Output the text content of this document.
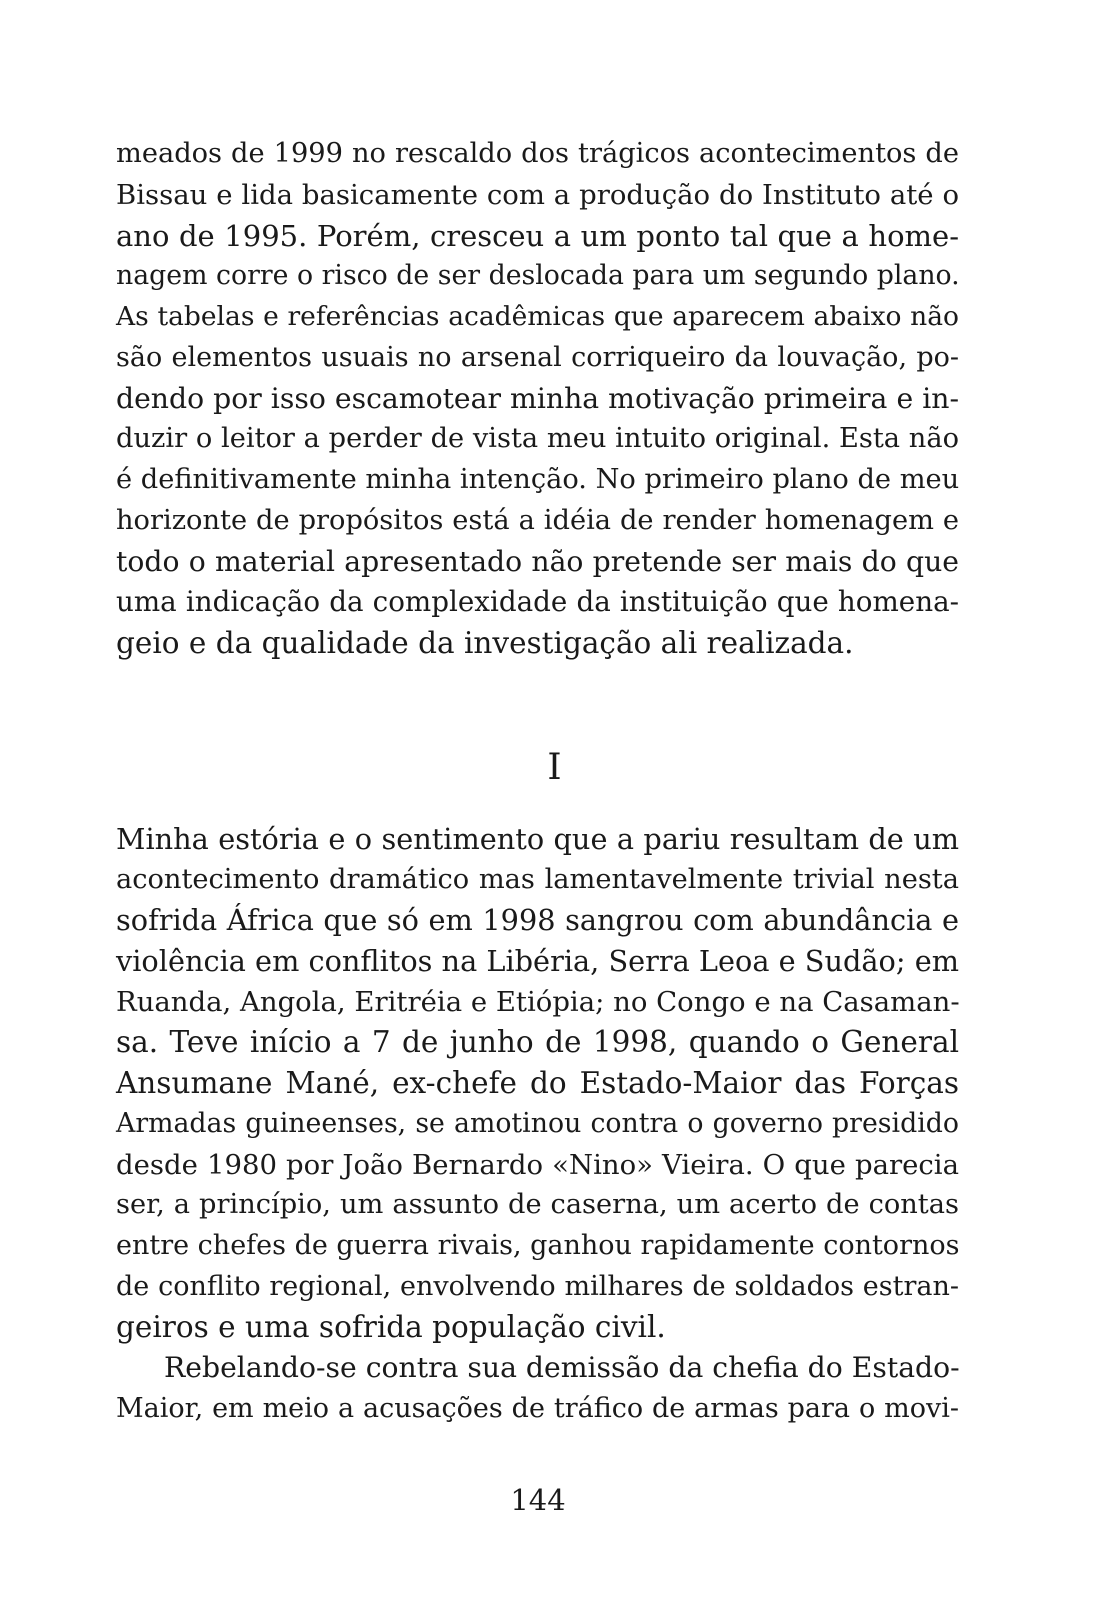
meados de 1999 no rescaldo dos trágicos acontecimentos de
Bissau e lida basicamente com a produção do Instituto até o
ano de 1995. Porém, cresceu a um ponto tal que a home-
nagem corre o risco de ser deslocada para um segundo plano.
As tabelas e referências acadêmicas que aparecem abaixo não
são elementos usuais no arsenal corriqueiro da louvação, po-
dendo por isso escamotear minha motivação primeira e in-
duzir o leitor a perder de vista meu intuito original. Esta não
é definitivamente minha intenção. No primeiro plano de meu
horizonte de propósitos está a idéia de render homenagem e
todo o material apresentado não pretende ser mais do que
uma indicação da complexidade da instituição que homena-
geio e da qualidade da investigação ali realizada.
I
Minha estória e o sentimento que a pariu resultam de um
acontecimento dramático mas lamentavelmente trivial nesta
sofrida África que só em 1998 sangrou com abundância e
violência em conflitos na Libéria, Serra Leoa e Sudão; em
Ruanda, Angola, Eritréia e Etiópia; no Congo e na Casaman-
sa. Teve início a 7 de junho de 1998, quando o General
Ansumane Mané, ex-chefe do Estado-Maior das Forças
Armadas guineenses, se amotinou contra o governo presidido
desde 1980 por João Bernardo «Nino» Vieira. O que parecia
ser, a princípio, um assunto de caserna, um acerto de contas
entre chefes de guerra rivais, ganhou rapidamente contornos
de conflito regional, envolvendo milhares de soldados estran-
geiros e uma sofrida população civil.
Rebelando-se contra sua demissão da chefia do Estado-
Maior, em meio a acusações de tráfico de armas para o movi-
144
